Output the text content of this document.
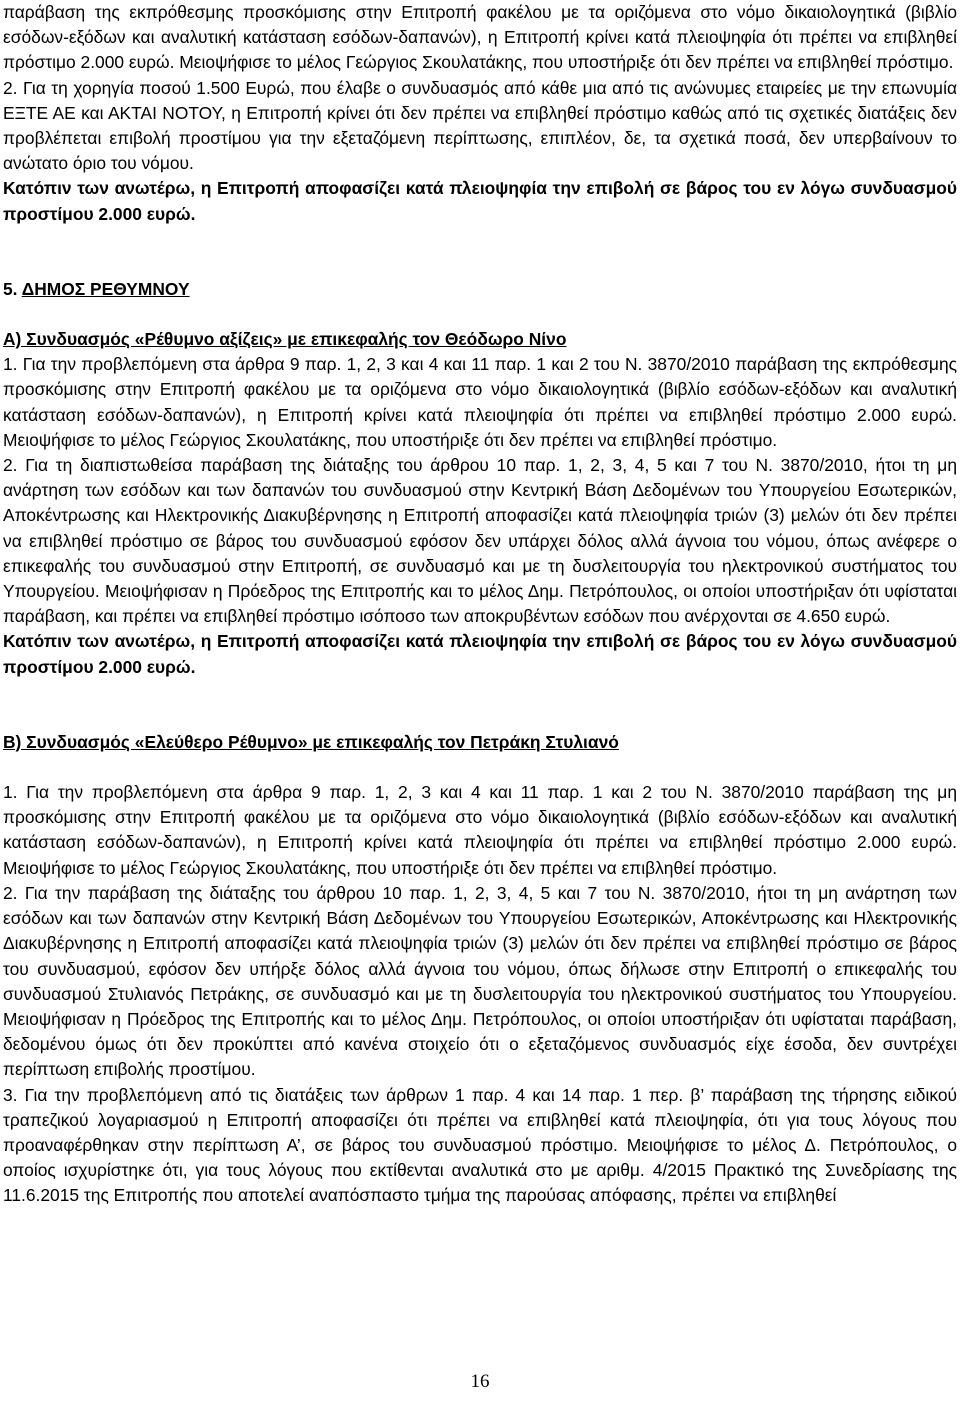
παράβαση της εκπρόθεσμης προσκόμισης στην Επιτροπή φακέλου με τα οριζόμενα στο νόμο δικαιολογητικά (βιβλίο εσόδων-εξόδων και αναλυτική κατάσταση εσόδων-δαπανών), η Επιτροπή κρίνει κατά πλειοψηφία ότι πρέπει να επιβληθεί πρόστιμο 2.000 ευρώ. Μειοψήφισε το μέλος Γεώργιος Σκουλατάκης, που υποστήριξε ότι δεν πρέπει να επιβληθεί πρόστιμο.

2. Για τη χορηγία ποσού 1.500 Ευρώ, που έλαβε ο συνδυασμός από κάθε μια από τις ανώνυμες εταιρείες με την επωνυμία ΕΞΤΕ ΑΕ και ΑΚΤΑΙ ΝΟΤΟΥ, η Επιτροπή κρίνει ότι δεν πρέπει να επιβληθεί πρόστιμο καθώς από τις σχετικές διατάξεις δεν προβλέπεται επιβολή προστίμου για την εξεταζόμενη περίπτωσης, επιπλέον, δε, τα σχετικά ποσά, δεν υπερβαίνουν το ανώτατο όριο του νόμου.

Κατόπιν των ανωτέρω, η Επιτροπή αποφασίζει κατά πλειοψηφία την επιβολή σε βάρος του εν λόγω συνδυασμού προστίμου 2.000 ευρώ.

5. ΔΗΜΟΣ ΡΕΘΥΜΝΟΥ

Α) Συνδυασμός «Ρέθυμνο αξίζεις» με επικεφαλής τον Θεόδωρο Νίνο

1. Για την προβλεπόμενη στα άρθρα 9 παρ. 1, 2, 3 και 4 και 11 παρ. 1 και 2 του Ν. 3870/2010 παράβαση της εκπρόθεσμης προσκόμισης στην Επιτροπή φακέλου με τα οριζόμενα στο νόμο δικαιολογητικά (βιβλίο εσόδων-εξόδων και αναλυτική κατάσταση εσόδων-δαπανών), η Επιτροπή κρίνει κατά πλειοψηφία ότι πρέπει να επιβληθεί πρόστιμο 2.000 ευρώ. Μειοψήφισε το μέλος Γεώργιος Σκουλατάκης, που υποστήριξε ότι δεν πρέπει να επιβληθεί πρόστιμο.

2. Για τη διαπιστωθείσα παράβαση της διάταξης του άρθρου 10 παρ. 1, 2, 3, 4, 5 και 7 του Ν. 3870/2010, ήτοι τη μη ανάρτηση των εσόδων και των δαπανών του συνδυασμού στην Κεντρική Βάση Δεδομένων του Υπουργείου Εσωτερικών, Αποκέντρωσης και Ηλεκτρονικής Διακυβέρνησης η Επιτροπή αποφασίζει κατά πλειοψηφία τριών (3) μελών ότι δεν πρέπει να επιβληθεί πρόστιμο σε βάρος του συνδυασμού εφόσον δεν υπάρχει δόλος αλλά άγνοια του νόμου, όπως ανέφερε ο επικεφαλής του συνδυασμού στην Επιτροπή, σε συνδυασμό και με τη δυσλειτουργία του ηλεκτρονικού συστήματος του Υπουργείου. Μειοψήφισαν η Πρόεδρος της Επιτροπής και το μέλος Δημ. Πετρόπουλος, οι οποίοι υποστήριξαν ότι υφίσταται παράβαση, και πρέπει να επιβληθεί πρόστιμο ισόποσο των αποκρυβέντων εσόδων που ανέρχονται σε 4.650 ευρώ.

Κατόπιν των ανωτέρω, η Επιτροπή αποφασίζει κατά πλειοψηφία την επιβολή σε βάρος του εν λόγω συνδυασμού προστίμου 2.000 ευρώ.

Β) Συνδυασμός «Ελεύθερο Ρέθυμνο» με επικεφαλής τον Πετράκη Στυλιανό

1. Για την προβλεπόμενη στα άρθρα 9 παρ. 1, 2, 3 και 4 και 11 παρ. 1 και 2 του Ν. 3870/2010 παράβαση της μη προσκόμισης στην Επιτροπή φακέλου με τα οριζόμενα στο νόμο δικαιολογητικά (βιβλίο εσόδων-εξόδων και αναλυτική κατάσταση εσόδων-δαπανών), η Επιτροπή κρίνει κατά πλειοψηφία ότι πρέπει να επιβληθεί πρόστιμο 2.000 ευρώ. Μειοψήφισε το μέλος Γεώργιος Σκουλατάκης, που υποστήριξε ότι δεν πρέπει να επιβληθεί πρόστιμο.

2. Για την παράβαση της διάταξης του άρθρου 10 παρ. 1, 2, 3, 4, 5 και 7 του Ν. 3870/2010, ήτοι τη μη ανάρτηση των εσόδων και των δαπανών στην Κεντρική Βάση Δεδομένων του Υπουργείου Εσωτερικών, Αποκέντρωσης και Ηλεκτρονικής Διακυβέρνησης η Επιτροπή αποφασίζει κατά πλειοψηφία τριών (3) μελών ότι δεν πρέπει να επιβληθεί πρόστιμο σε βάρος του συνδυασμού, εφόσον δεν υπήρξε δόλος αλλά άγνοια του νόμου, όπως δήλωσε στην Επιτροπή ο επικεφαλής του συνδυασμού Στυλιανός Πετράκης, σε συνδυασμό και με τη δυσλειτουργία του ηλεκτρονικού συστήματος του Υπουργείου. Μειοψήφισαν η Πρόεδρος της Επιτροπής και το μέλος Δημ. Πετρόπουλος, οι οποίοι υποστήριξαν ότι υφίσταται παράβαση, δεδομένου όμως ότι δεν προκύπτει από κανένα στοιχείο ότι ο εξεταζόμενος συνδυασμός είχε έσοδα, δεν συντρέχει περίπτωση επιβολής προστίμου.

3. Για την προβλεπόμενη από τις διατάξεις των άρθρων 1 παρ. 4 και 14 παρ. 1 περ. β’ παράβαση της τήρησης ειδικού τραπεζικού λογαριασμού η Επιτροπή αποφασίζει ότι πρέπει να επιβληθεί κατά πλειοψηφία, ότι για τους λόγους που προαναφέρθηκαν στην περίπτωση Α’, σε βάρος του συνδυασμού πρόστιμο. Μειοψήφισε το μέλος Δ. Πετρόπουλος, ο οποίος ισχυρίστηκε ότι, για τους λόγους που εκτίθενται αναλυτικά στο με αριθμ. 4/2015 Πρακτικό της Συνεδρίασης της 11.6.2015 της Επιτροπής που αποτελεί αναπόσπαστο τμήμα της παρούσας απόφασης, πρέπει να επιβληθεί

16
